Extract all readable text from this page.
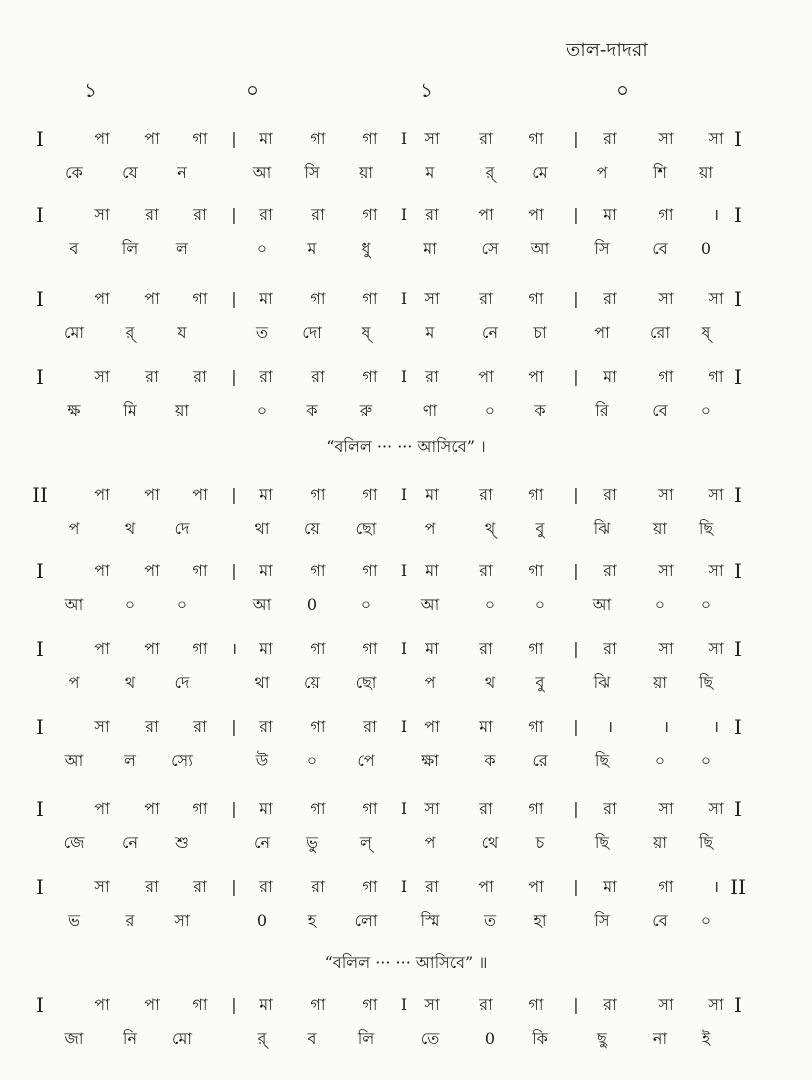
তাল-দাদরা
১	০	১	০
I	পা	পা	গা	|	মা	গা	গা	I	সা	রা	গা	|	রা	সা	সা I
কে	যে	ন	আ	সি	য়া	ম	র্	মে	প	শি	য়া
I	সা	রা	রা	|	রা	রা	গা	I	রা	পা	পা	|	মা	গা	। I
ব	লি	ল	০	ম	ধু	মা	সে	আ	সি	বে	0
I	পা	পা	গা	|	মা	গা	গা	I	সা	রা	গা	|	রা	সা	সা I
মো	র্	য	ত	দো	ষ্	ম	নে	চা	পা	রো	ষ্
I	সা	রা	রা	|	রা	রা	গা	I	রা	পা	পা	|	মা	গা	গা I
ক্ষ	মি	য়া	০	ক	রু	ণা	০	ক	রি	বে	০
II	পা	পা	পা	|	মা	গা	গা	I	মা	রা	গা	|	রা	সা	সা I
প	থ	দে	থা	য়ে	ছো	প	থ্	বু	ঝি	য়া	ছি
I	পা	পা	গা	|	মা	গা	গা	I	মা	রা	গা	|	রা	সা	সা I
আ	০	০	আ	0	০	আ	০	০	আ	০	০
I	পা	পা	গা	।	মা	গা	গা	I	মা	রা	গা	|	রা	সা	সা I
প	থ	দে	থা	য়ে	ছো	প	থ	বু	ঝি	য়া	ছি
I	সা	রা	রা	|	রা	গা	রা	I	পা	মা	গা	|	।	।	। I
আ	ল	স্যে	উ	০	পে	ক্ষা	ক	রে	ছি	০	০
I	পা	পা	গা	|	মা	গা	গা	I	সা	রা	গা	|	রা	সা	সা I
জে	নে	শু	নে	ভু	ল্	প	থে	চ	ছি	য়া	ছি
I	সা	রা	রা	|	রা	রা	গা	I	রা	পা	পা	|	মা	গা	। II
ভ	র	সা	0	হ	লো	স্মি	ত	হা	সি	বে	০
I	পা	পা	গা	|	মা	গা	গা	I	সা	রা	গা	|	রা	সা	সা I
জা	নি	মো	র্	ব	লি	তে	0	কি	ছু	না	ই
“বলিল ··· ··· আসিবে” ।
“বলিল ··· ··· আসিবে” ॥
